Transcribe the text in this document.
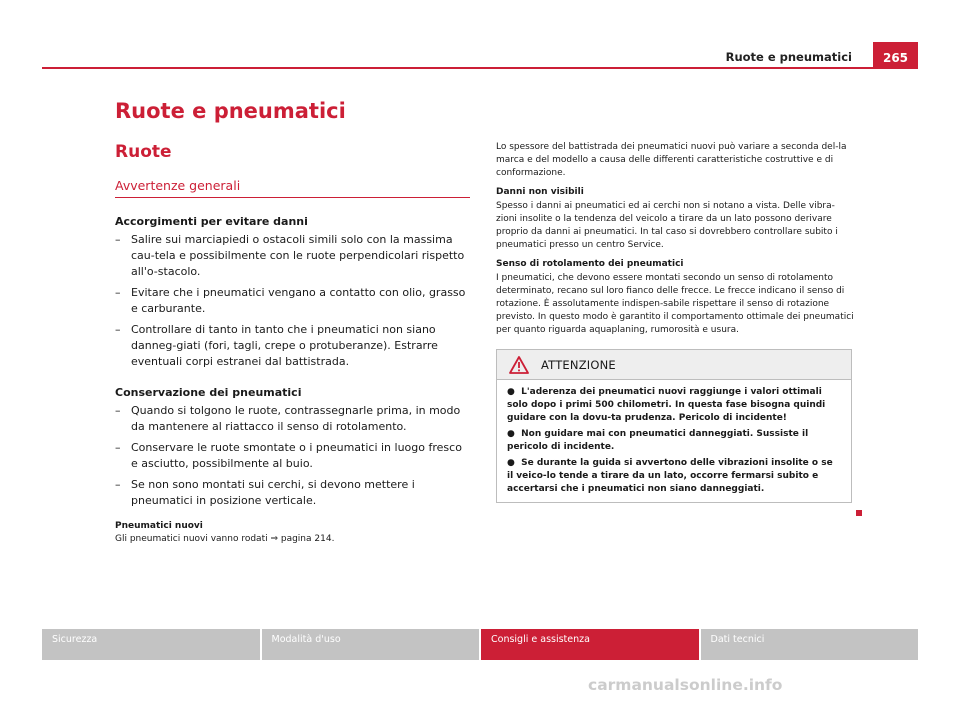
Ruote e pneumatici	265
Ruote e pneumatici
Ruote
Avvertenze generali
Accorgimenti per evitare danni
– Salire sui marciapiedi o ostacoli simili solo con la massima cau-tela e possibilmente con le ruote perpendicolari rispetto all'o-stacolo.
– Evitare che i pneumatici vengano a contatto con olio, grasso e carburante.
– Controllare di tanto in tanto che i pneumatici non siano danneg-giati (fori, tagli, crepe o protuberanze). Estrarre eventuali corpi estranei dal battistrada.
Conservazione dei pneumatici
– Quando si tolgono le ruote, contrassegnarle prima, in modo da mantenere al riattacco il senso di rotolamento.
– Conservare le ruote smontate o i pneumatici in luogo fresco e asciutto, possibilmente al buio.
– Se non sono montati sui cerchi, si devono mettere i pneumatici in posizione verticale.
Pneumatici nuovi
Gli pneumatici nuovi vanno rodati ⇒ pagina 214.
Lo spessore del battistrada dei pneumatici nuovi può variare a seconda del-la marca e del modello a causa delle differenti caratteristiche costruttive e di conformazione.
Danni non visibili
Spesso i danni ai pneumatici ed ai cerchi non si notano a vista. Delle vibra-zioni insolite o la tendenza del veicolo a tirare da un lato possono derivare proprio da danni ai pneumatici. In tal caso si dovrebbero controllare subito i pneumatici presso un centro Service.
Senso di rotolamento dei pneumatici
I pneumatici, che devono essere montati secondo un senso di rotolamento determinato, recano sul loro fianco delle frecce. Le frecce indicano il senso di rotazione. È assolutamente indispen-sabile rispettare il senso di rotazione previsto. In questo modo è garantito il comportamento ottimale dei pneumatici per quanto riguarda aquaplaning, rumorosità e usura.
ATTENZIONE
● L'aderenza dei pneumatici nuovi raggiunge i valori ottimali solo dopo i primi 500 chilometri. In questa fase bisogna quindi guidare con la dovu-ta prudenza. Pericolo di incidente!
● Non guidare mai con pneumatici danneggiati. Sussiste il pericolo di incidente.
● Se durante la guida si avvertono delle vibrazioni insolite o se il veico-lo tende a tirare da un lato, occorre fermarsi subito e accertarsi che i pneumatici non siano danneggiati.
Sicurezza	Modalità d'uso	Consigli e assistenza	Dati tecnici
carmanualsonline.info
